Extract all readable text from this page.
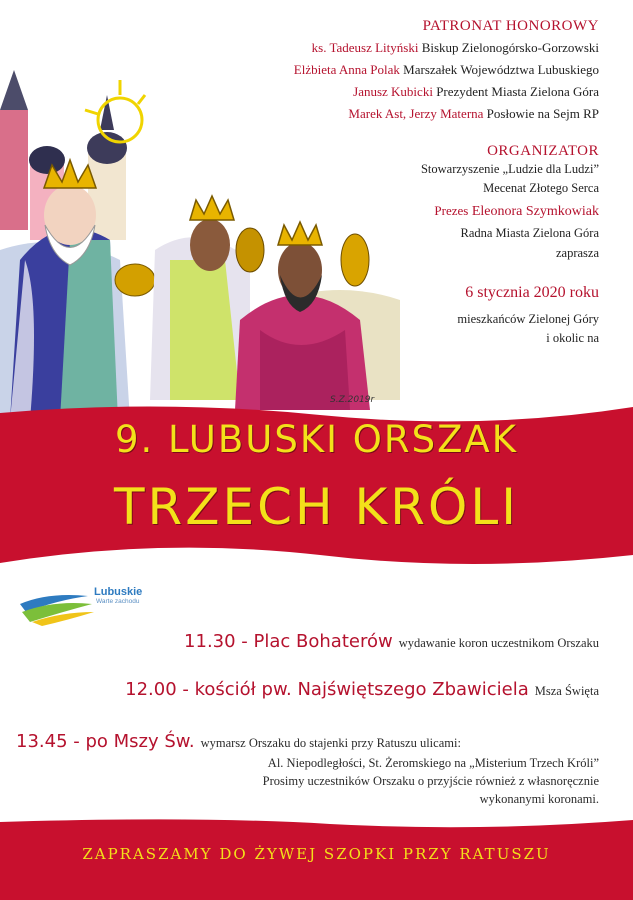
S.Z.2019r
PATRONAT HONOROWY
ks. Tadeusz Lityński Biskup Zielonogórsko-Gorzowski
Elżbieta Anna Polak Marszałek Województwa Lubuskiego
Janusz Kubicki Prezydent Miasta Zielona Góra
Marek Ast, Jerzy Materna Posłowie na Sejm RP
ORGANIZATOR
Stowarzyszenie „Ludzie dla Ludzi”
Mecenat Złotego Serca
Prezes Eleonora Szymkowiak
Radna Miasta Zielona Góra
zaprasza
6 stycznia 2020 roku
mieszkańców Zielonej Góry
i okolic na
9. LUBUSKI ORSZAK
TRZECH KRÓLI
Lubuskie
Warte zachodu
11.30 - Plac Bohaterów wydawanie koron uczestnikom Orszaku
12.00 - kościół pw. Najświętszego Zbawiciela Msza Święta
13.45 - po Mszy Św. wymarsz Orszaku do stajenki przy Ratuszu ulicami:
Al. Niepodległości, St. Żeromskiego na „Misterium Trzech Króli”
Prosimy uczestników Orszaku o przyjście również z własnoręcznie
wykonanymi koronami.
ZAPRASZAMY DO ŻYWEJ SZOPKI PRZY RATUSZU
